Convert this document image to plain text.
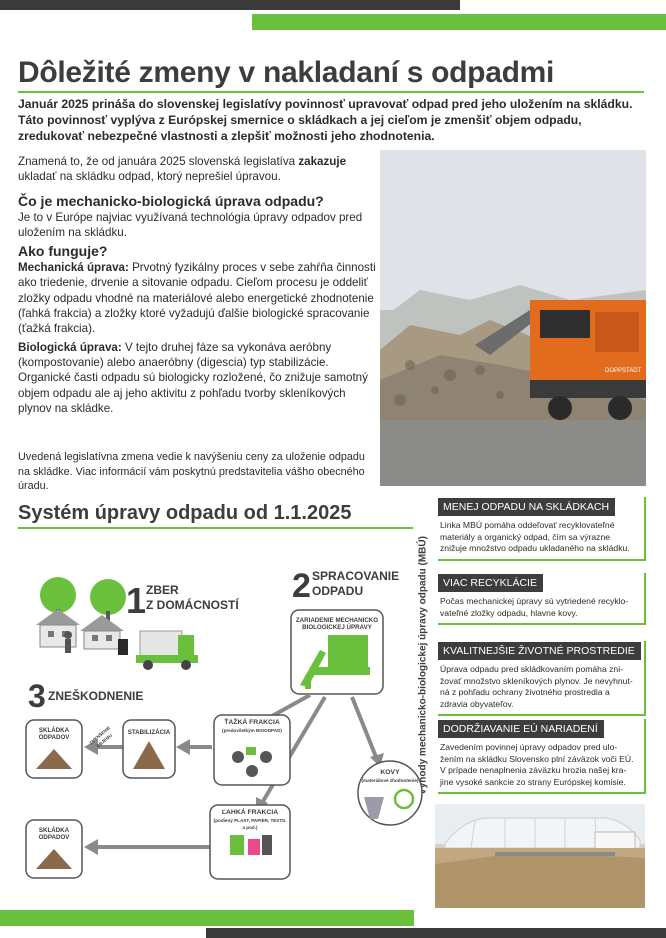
Dôležité zmeny v nakladaní s odpadmi
Január 2025 prináša do slovenskej legislatívy povinnosť upravovať odpad pred jeho uložením na skládku. Táto povinnosť vyplýva z Európskej smernice o skládkach a jej cieľom je zmenšiť objem odpadu, zredukovať nebezpečné vlastnosti a zlepšiť možnosti jeho zhodnotenia.

Znamená to, že od januára 2025 slovenská legislatíva zakazuje ukladať na skládku odpad, ktorý neprešiel úpravou.

Čo je mechanicko-biologická úprava odpadu?

Je to v Európe najviac využívaná technológia úpravy odpadov pred uložením na skládku.

Ako funguje?

Mechanická úprava: Prvotný fyzikálny proces v sebe zahŕňa činnosti ako triedenie, drvenie a sitovanie odpadu. Cieľom procesu je oddeliť zložky odpadu vhodné na materiálové alebo energetické zhodnotenie (ľahká frakcia) a zložky ktoré vyžadujú ďalšie biologické spracovanie (ťažká frakcia).

Biologická úprava: V tejto druhej fáze sa vykonáva aeróbny (kompostovanie) alebo anaeróbny (digescia) typ stabilizácie. Organické časti odpadu sú biologicky rozložené, čo znižuje samotný objem odpadu ale aj jeho aktivitu z pohľadu tvorby skleníkových plynov na skládke.

Uvedená legislatívna zmena vedie k navýšeniu ceny za uloženie odpadu na skládke. Viac informácií vám poskytnú predstavitelia vášho obecného úradu.
DOPPSTADT
Systém úpravy odpadu od 1.1.2025
Výhody mechanicko-biologickej úpravy odpadu (MBÚ)
MENEJ ODPADU NA SKLÁDKACH
Linka MBÚ pomáha oddeľovať recyklovateľné materiály a organický odpad, čím sa výrazne znižuje množstvo odpadu ukladaného na skládku.
VIAC RECYKLÁCIE
Počas mechanickej úpravy sú vytriedené recyklo-vateľné zložky odpadu, hlavne kovy.
KVALITNEJŠIE ŽIVOTNÉ PROSTREDIE
Úprava odpadu pred skládkovaním pomáha zni-žovať množstvo skleníkových plynov. Je nevyhnut-ná z pohľadu ochrany životného prostredia a zdravia obyvateľov.
DODRŽIAVANIE EÚ NARIADENÍ
Zavedením povinnej úpravy odpadov pred ulo-žením na skládku Slovensko plní záväzok voči EÚ. V prípade nenaplnenia záväzku hrozia našej kra-jine vysoké sankcie zo strany Európskej komisie.
1	2
3
ZBER
Z DOMÁCNOSTÍ
SPRACOVANIE
ODPADU
ZNEŠKODNENIE
ZARIADENIE MECHANICKO BIOLOGICKEJ ÚPRAVY
ŤAŽKÁ FRAKCIA
(predovšetkým BIOODPAD)
ĽAHKÁ FRAKCIA
(podiený PLAST, PAPIER, TEXTIL a pod.)
KOVY
(materiálové zhodnotenie)
STABILIZÁCIA
SKLÁDKA ODPADOV
SKLÁDKA ODPADOV
ZMENŠENIE OBJEMU
